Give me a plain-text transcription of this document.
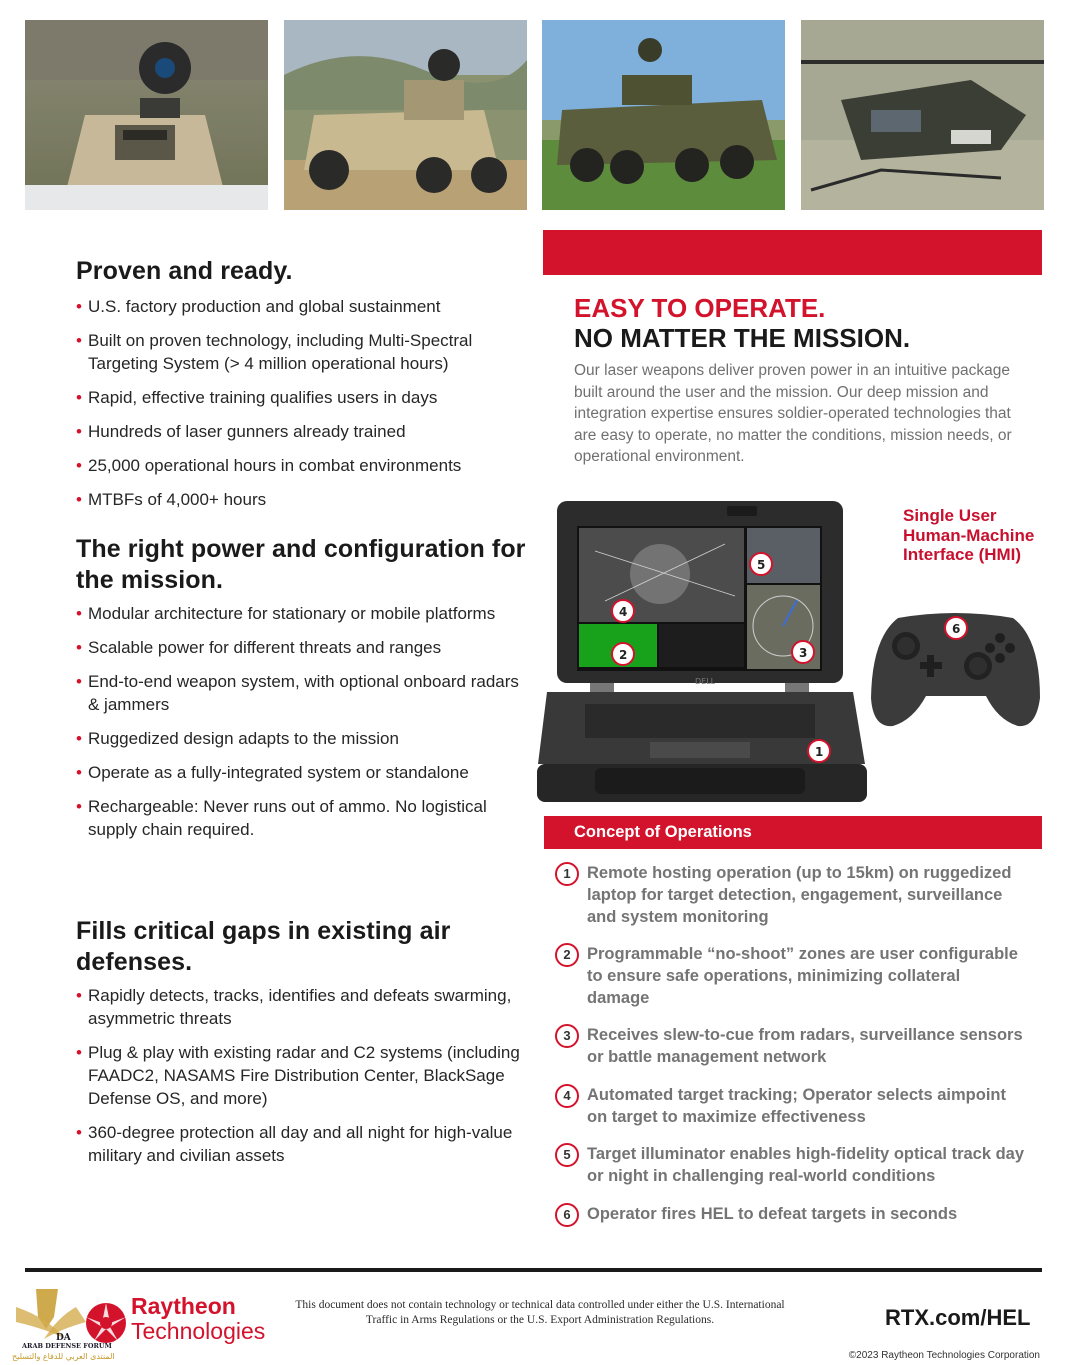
Proven and ready.
• U.S. factory production and global sustainment
• Built on proven technology, including Multi-Spectral Targeting System (> 4 million operational hours)
• Rapid, effective training qualifies users in days
• Hundreds of laser gunners already trained
• 25,000 operational hours in combat environments
• MTBFs of 4,000+ hours
The right power and configuration for the mission.
• Modular architecture for stationary or mobile platforms
• Scalable power for different threats and ranges
• End-to-end weapon system, with optional onboard radars & jammers
• Ruggedized design adapts to the mission
• Operate as a fully-integrated system or standalone
• Rechargeable: Never runs out of ammo. No logistical supply chain required.
Fills critical gaps in existing air defenses.
• Rapidly detects, tracks, identifies and defeats swarming, asymmetric threats
• Plug & play with existing radar and C2 systems (including FAADC2, NASAMS Fire Distribution Center, BlackSage Defense OS, and more)
• 360-degree protection all day and all night for high-value military and civilian assets
EASY TO OPERATE.
NO MATTER THE MISSION.

Our laser weapons deliver proven power in an intuitive package built around the user and the mission. Our deep mission and integration expertise ensures soldier-operated technologies that are easy to operate, no matter the conditions, mission needs, or operational environment.

Single User Human-Machine Interface (HMI)
DELL
2	3
4
5
1
6
Concept of Operations
1 Remote hosting operation (up to 15km) on ruggedized laptop for target detection, engagement, surveillance and system monitoring
2 Programmable “no-shoot” zones are user configurable to ensure safe operations, minimizing collateral damage
3 Receives slew-to-cue from radars, surveillance sensors or battle management network
4 Automated target tracking; Operator selects aimpoint on target to maximize effectiveness
5 Target illuminator enables high-fidelity optical track day or night in challenging real-world conditions
6 Operator fires HEL to defeat targets in seconds
DA
ARAB DEFENSE FORUM
المنتدى العربي للدفاع والتسليح
Raytheon
Technologies

This document does not contain technology or technical data controlled under either the U.S. International Traffic in Arms Regulations or the U.S. Export Administration Regulations.	RTX.com/HEL
©2023 Raytheon Technologies Corporation
